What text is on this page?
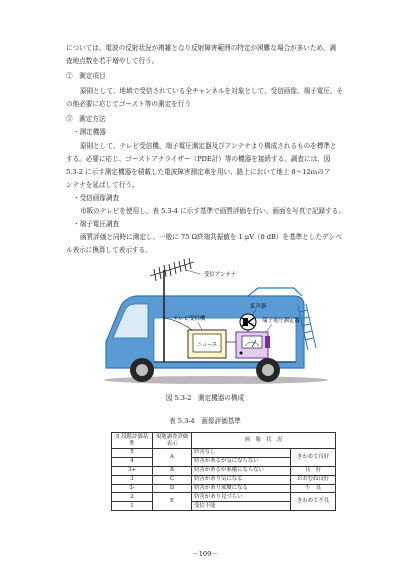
については、電波の反射状況が複雑となり反射障害範囲の特定が困難な場合が多いため、調
査地点数を若干増やして行う。
②　測定項目
原則として、地域で受信されている全チャンネルを対象として、受信画像、端子電圧、そ
の他必要に応じてゴースト等の測定を行う
③　測定方法
・測定機器
原則として、テレビ受信機、端子電圧測定器及びアンテナより構成されるものを標準と
する。必要に応じ、ゴーストアナライザー（PDE計）等の機器を接続する。調査には、図
5.3-2 に示す測定機器を積載した電波障害測定車を用い、路上において地上 8～12ｍのア
ンテナを延ばして行う。
・受信画像調査
市販のテレビを使用し、表 5.3-4 に示す基準で画質評価を行い、画面を写真で記録する。
・端子電圧調査
画質評価と同時に測定し、一般に 75 Ω終端共振値を 1 μV（0 dB）を基準としたデシベ
ル表示に換算して表示する。
ニュース
受信アンテナ
拡声器
テレビ受信機	端子電圧測定器
図 5.3-2　測定機器の構成
表 5.3-4　画像評価基準
5 段階評価基準	現地調査評価表示	画　像　状　況	
5	A	妨害なし	きわめて良好
4		妨害があるが気にならない	
3+	B	妨害があるが邪魔にならない	良　好
3	C	妨害があり気になる	おおむね良好
3-	D	妨害があり邪魔になる	不　良
2	E	妨害があり見づらい	きわめて不良
1		受信不能	
－109－
